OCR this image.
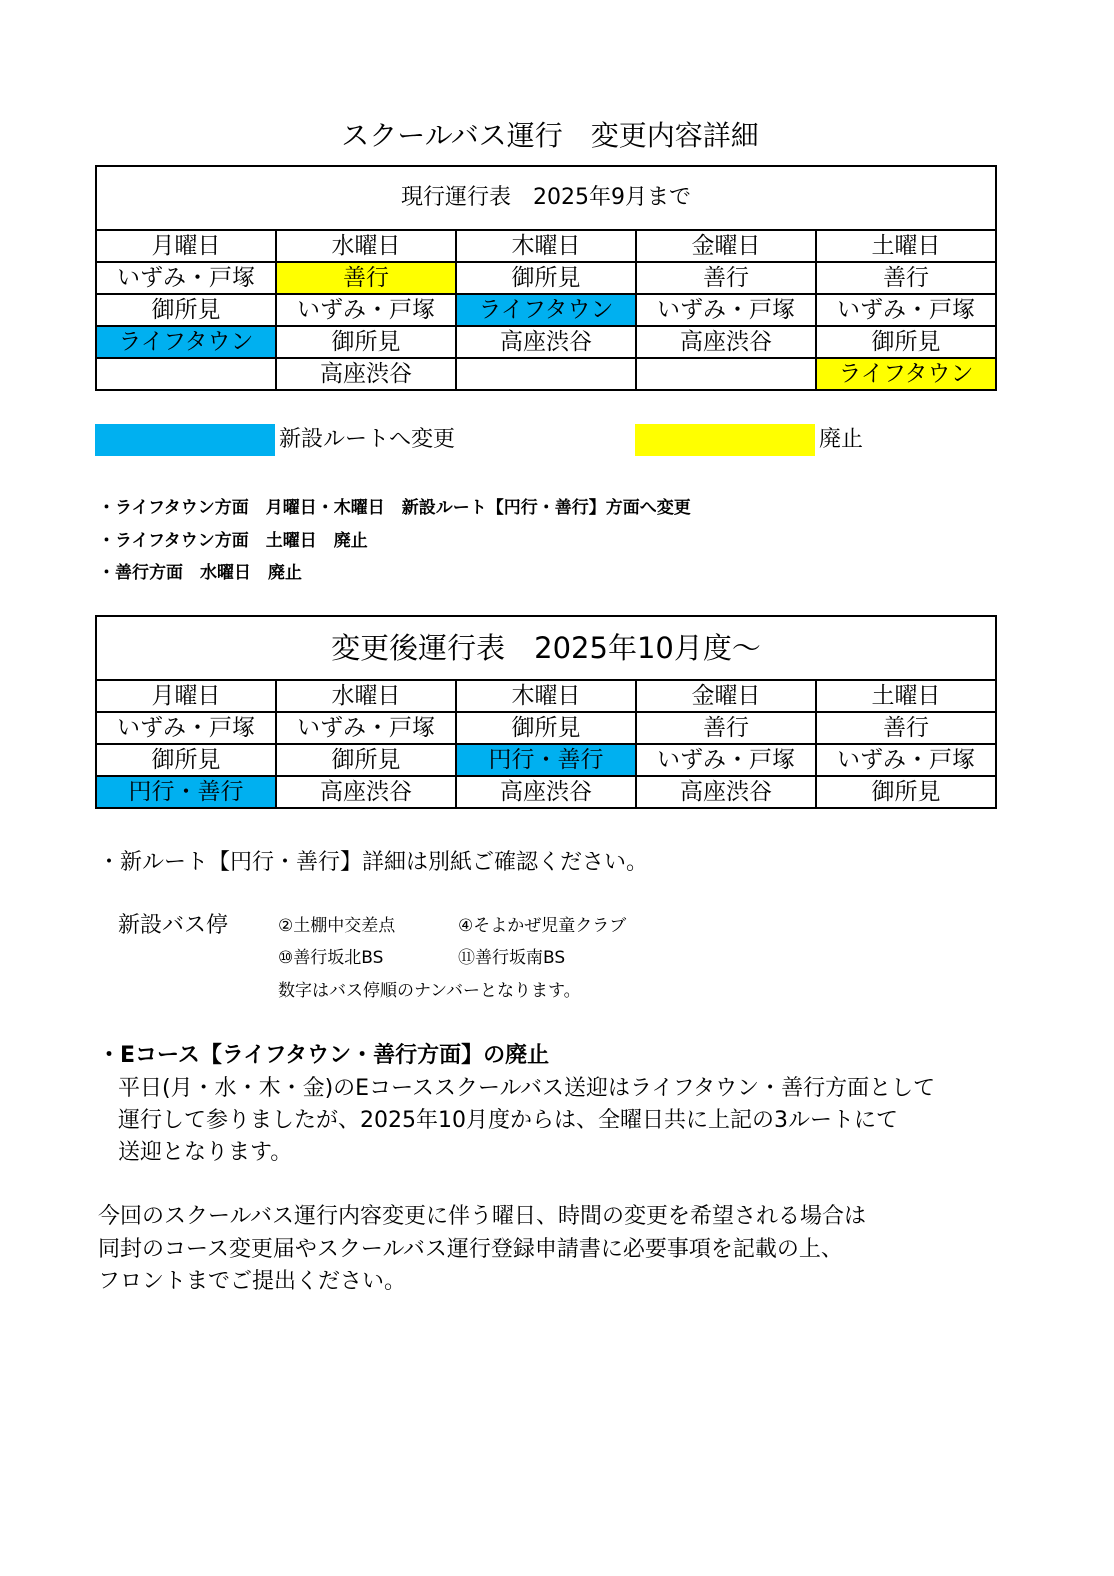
スクールバス運行　変更内容詳細
現行運行表　2025年9月まで				
月曜日	水曜日	木曜日	金曜日	土曜日
いずみ・戸塚	善行	御所見	善行	善行
御所見	いずみ・戸塚	ライフタウン	いずみ・戸塚	いずみ・戸塚
ライフタウン	御所見	高座渋谷	高座渋谷	御所見
	高座渋谷			ライフタウン
新設ルートへ変更	廃止
・ライフタウン方面　月曜日・木曜日　新設ルート【円行・善行】方面へ変更
・ライフタウン方面　土曜日　廃止
・善行方面　水曜日　廃止
変更後運行表　2025年10月度～				
月曜日	水曜日	木曜日	金曜日	土曜日
いずみ・戸塚	いずみ・戸塚	御所見	善行	善行
御所見	御所見	円行・善行	いずみ・戸塚	いずみ・戸塚
円行・善行	高座渋谷	高座渋谷	高座渋谷	御所見
・新ルート【円行・善行】詳細は別紙ご確認ください。
新設バス停	②土棚中交差点	④そよかぜ児童クラブ
⑩善行坂北BS	⑪善行坂南BS
数字はバス停順のナンバーとなります。
・Eコース【ライフタウン・善行方面】の廃止
平日(月・水・木・金)のEコーススクールバス送迎はライフタウン・善行方面として
運行して参りましたが、2025年10月度からは、全曜日共に上記の3ルートにて
送迎となります。
今回のスクールバス運行内容変更に伴う曜日、時間の変更を希望される場合は
同封のコース変更届やスクールバス運行登録申請書に必要事項を記載の上、
フロントまでご提出ください。
